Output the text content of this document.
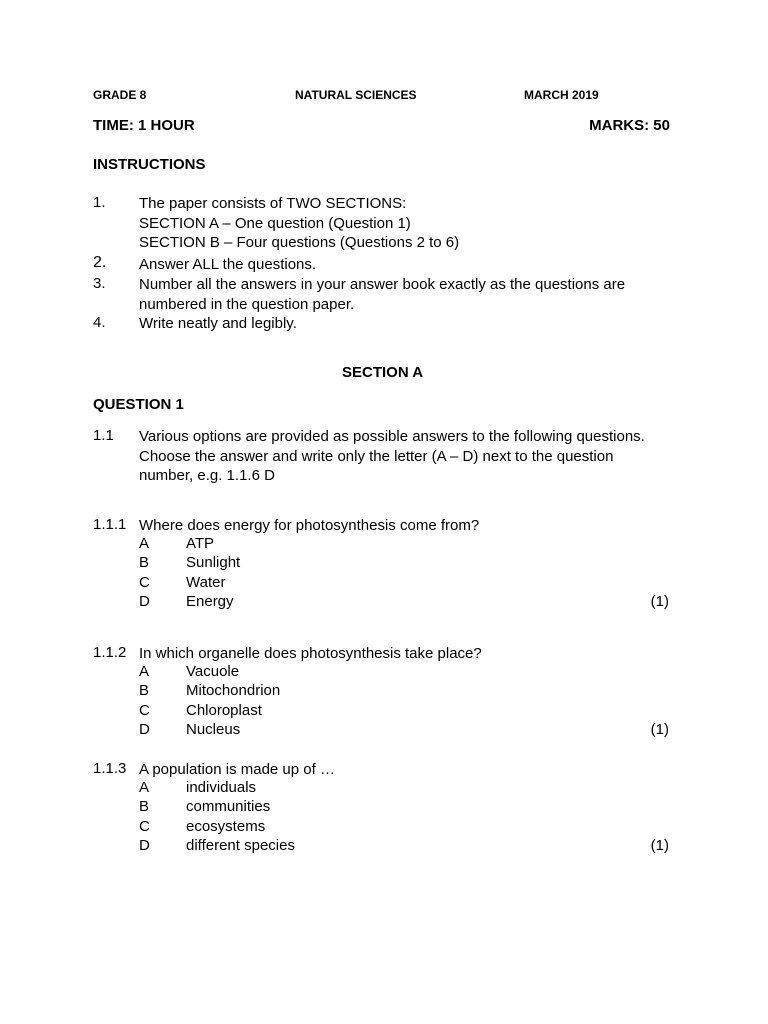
GRADE 8	NATURAL SCIENCES	MARCH 2019
TIME: 1 HOUR	MARKS: 50
INSTRUCTIONS
1. The paper consists of TWO SECTIONS:
SECTION A – One question (Question 1)
SECTION B – Four questions (Questions 2 to 6)
2. Answer ALL the questions.
3. Number all the answers in your answer book exactly as the questions are
numbered in the question paper.
4. Write neatly and legibly.
SECTION A
QUESTION 1
1.1 Various options are provided as possible answers to the following questions.
Choose the answer and write only the letter (A – D) next to the question
number, e.g. 1.1.6 D
1.1.1 Where does energy for photosynthesis come from?
A ATP
B Sunlight
C Water
D Energy	(1)
1.1.2 In which organelle does photosynthesis take place?
A Vacuole
B Mitochondrion
C Chloroplast
D Nucleus	(1)
1.1.3 A population is made up of …
A individuals
B communities
C ecosystems
D different species	(1)
